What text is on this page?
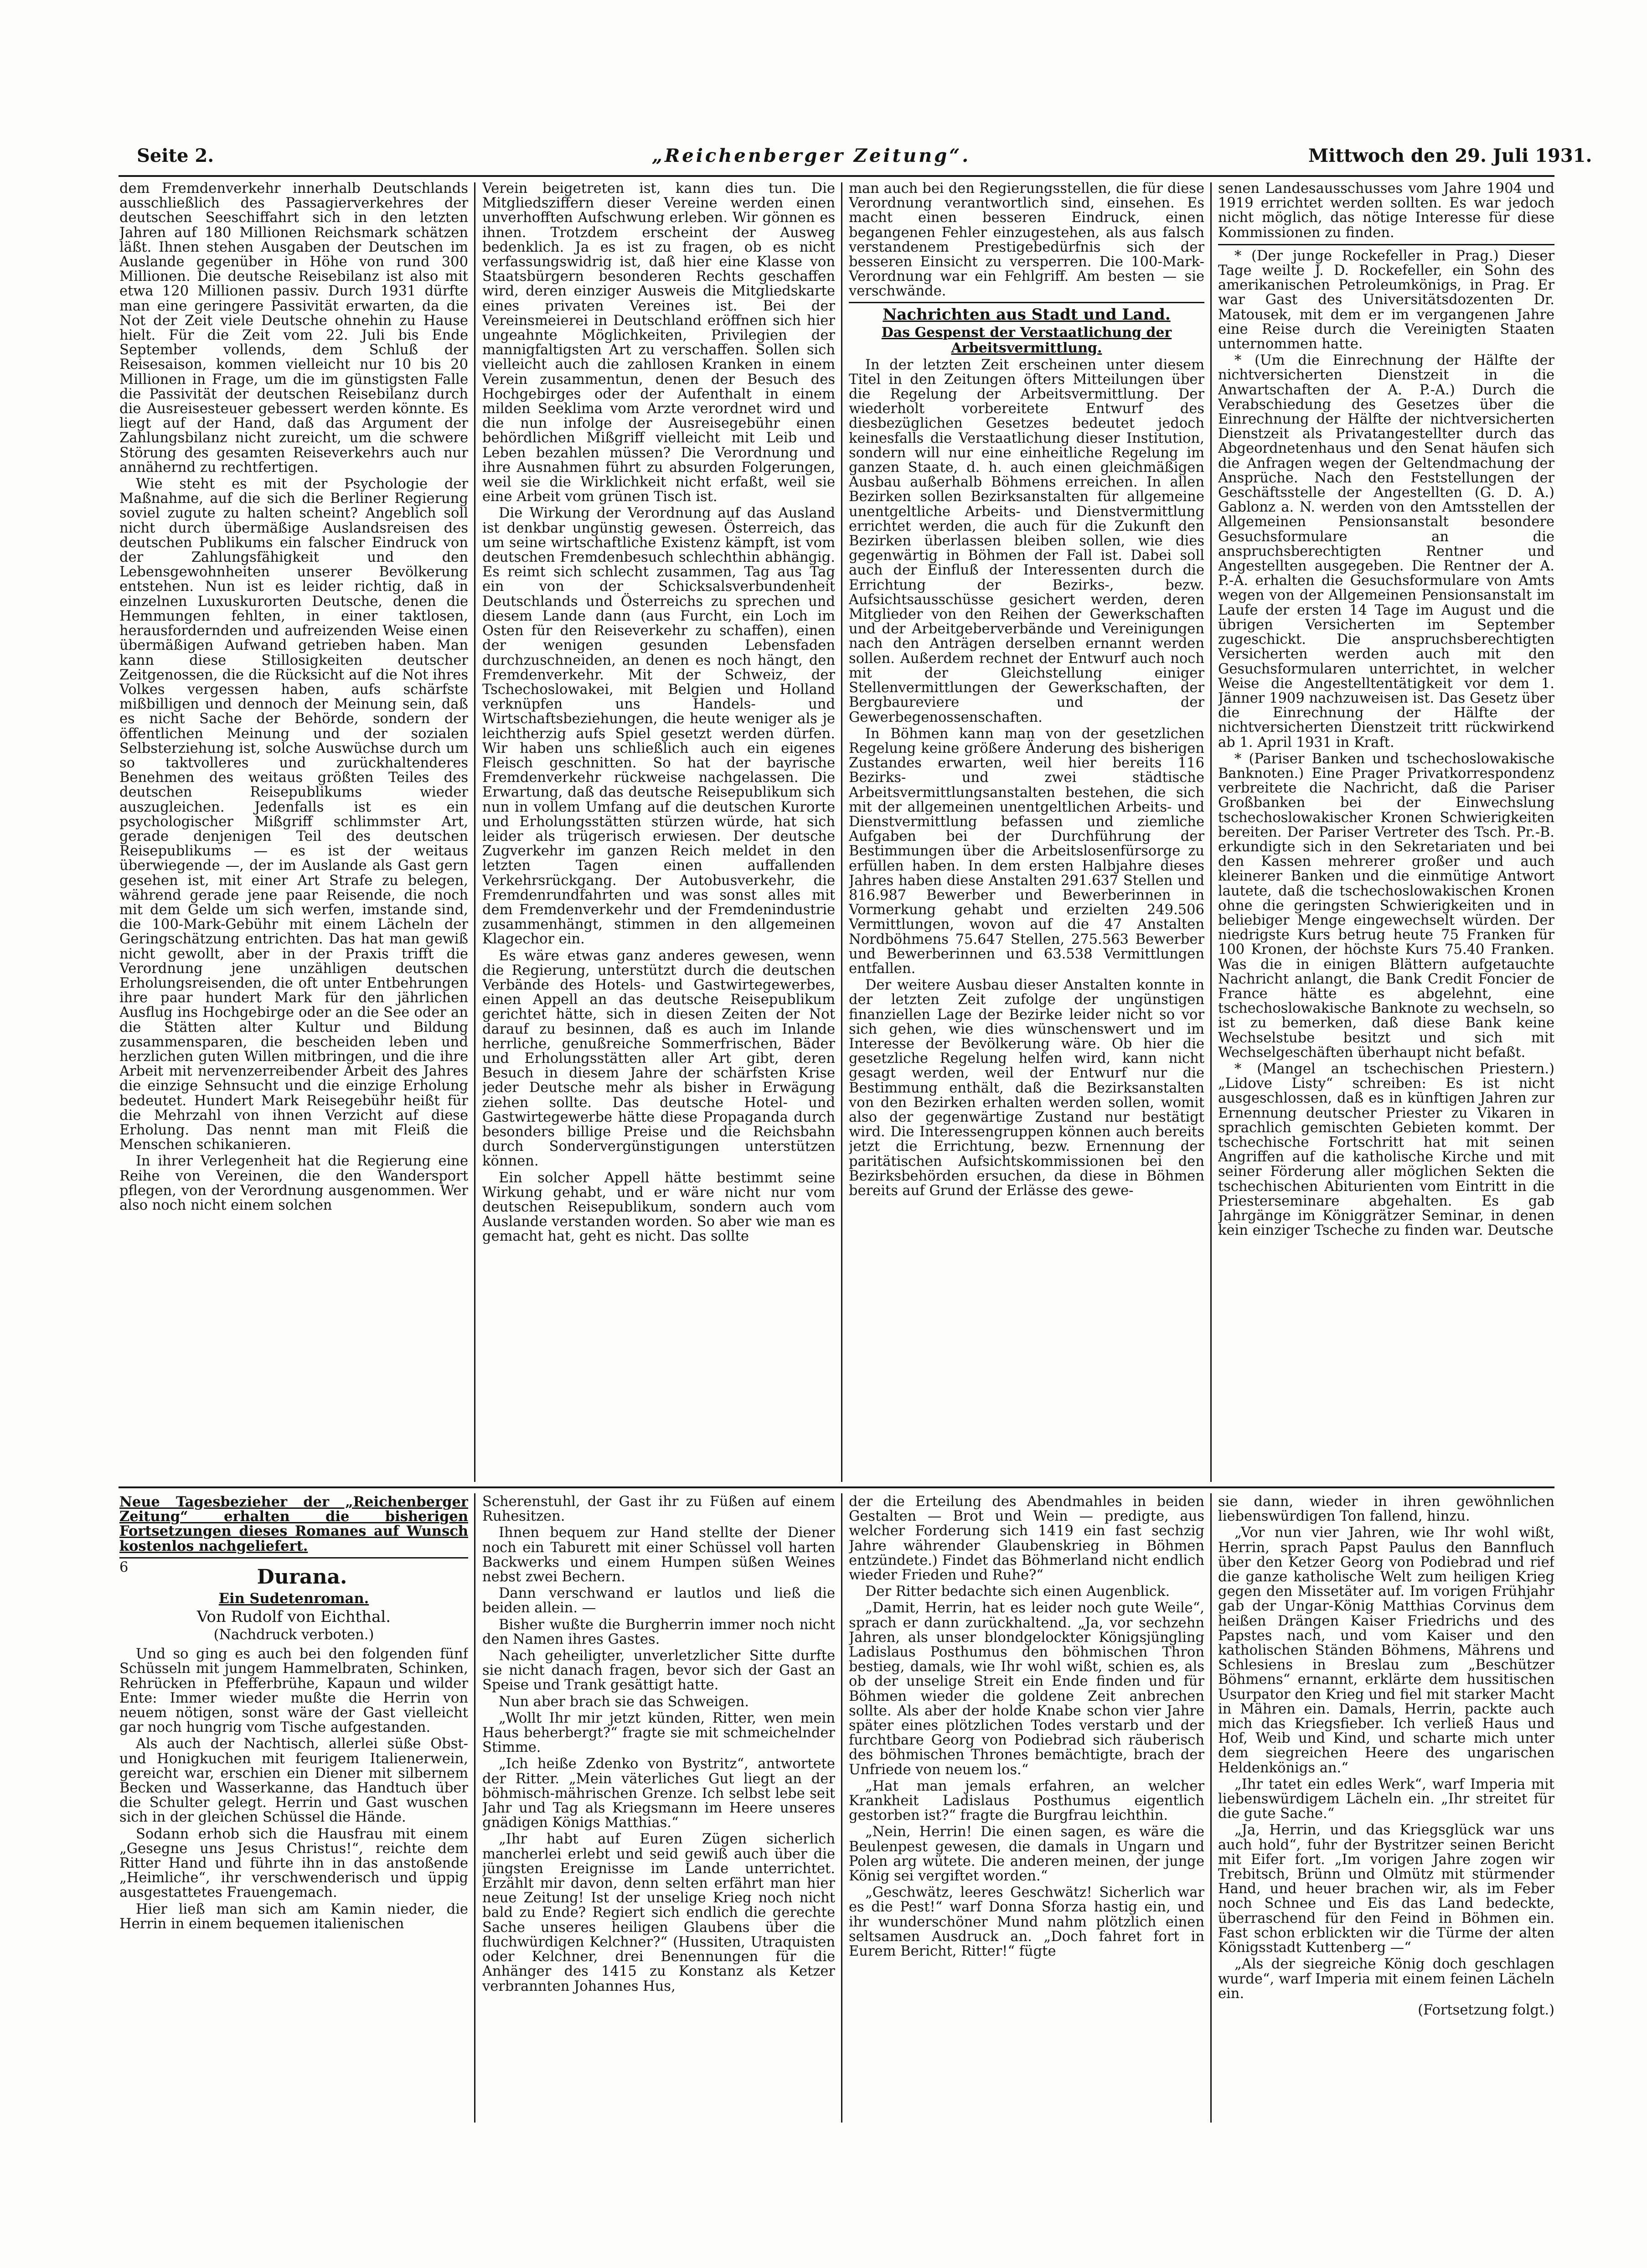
Seite 2.	„Reichenberger Zeitung“.	Mittwoch den 29. Juli 1931.

dem Fremdenverkehr innerhalb Deutschlands ausschließlich des Passagierverkehres der deutschen Seeschiffahrt sich in den letzten Jahren auf 180 Millionen Reichsmark schätzen läßt. Ihnen stehen Ausgaben der Deutschen im Auslande gegenüber in Höhe von rund 300 Millionen. Die deutsche Reisebilanz ist also mit etwa 120 Millionen passiv. Durch 1931 dürfte man eine geringere Passivität erwarten, da die Not der Zeit viele Deutsche ohnehin zu Hause hielt. Für die Zeit vom 22. Juli bis Ende September vollends, dem Schluß der Reisesaison, kommen vielleicht nur 10 bis 20 Millionen in Frage, um die im günstigsten Falle die Passivität der deutschen Reisebilanz durch die Ausreisesteuer gebessert werden könnte. Es liegt auf der Hand, daß das Argument der Zahlungsbilanz nicht zureicht, um die schwere Störung des gesamten Reiseverkehrs auch nur annähernd zu rechtfertigen.

Wie steht es mit der Psychologie der Maßnahme, auf die sich die Berliner Regierung soviel zugute zu halten scheint? Angeblich soll nicht durch übermäßige Auslandsreisen des deutschen Publikums ein falscher Eindruck von der Zahlungsfähigkeit und den Lebensgewohnheiten unserer Bevölkerung entstehen. Nun ist es leider richtig, daß in einzelnen Luxuskurorten Deutsche, denen die Hemmungen fehlten, in einer taktlosen, herausfordernden und aufreizenden Weise einen übermäßigen Aufwand getrieben haben. Man kann diese Stillosigkeiten deutscher Zeitgenossen, die die Rücksicht auf die Not ihres Volkes vergessen haben, aufs schärfste mißbilligen und dennoch der Meinung sein, daß es nicht Sache der Behörde, sondern der öffentlichen Meinung und der sozialen Selbsterziehung ist, solche Auswüchse durch um so taktvolleres und zurückhaltenderes Benehmen des weitaus größten Teiles des deutschen Reisepublikums wieder auszugleichen. Jedenfalls ist es ein psychologischer Mißgriff schlimmster Art, gerade denjenigen Teil des deutschen Reisepublikums — es ist der weitaus überwiegende —, der im Auslande als Gast gern gesehen ist, mit einer Art Strafe zu belegen, während gerade jene paar Reisende, die noch mit dem Gelde um sich werfen, imstande sind, die 100-Mark-Gebühr mit einem Lächeln der Geringschätzung entrichten. Das hat man gewiß nicht gewollt, aber in der Praxis trifft die Verordnung jene unzähligen deutschen Erholungsreisenden, die oft unter Entbehrungen ihre paar hundert Mark für den jährlichen Ausflug ins Hochgebirge oder an die See oder an die Stätten alter Kultur und Bildung zusammensparen, die bescheiden leben und herzlichen guten Willen mitbringen, und die ihre Arbeit mit nervenzerreibender Arbeit des Jahres die einzige Sehnsucht und die einzige Erholung bedeutet. Hundert Mark Reisegebühr heißt für die Mehrzahl von ihnen Verzicht auf diese Erholung. Das nennt man mit Fleiß die Menschen schikanieren.

In ihrer Verlegenheit hat die Regierung eine Reihe von Vereinen, die den Wandersport pflegen, von der Verordnung ausgenommen. Wer also noch nicht einem solchen

Verein beigetreten ist, kann dies tun. Die Mitgliedsziffern dieser Vereine werden einen unverhofften Aufschwung erleben. Wir gönnen es ihnen. Trotzdem erscheint der Ausweg bedenklich. Ja es ist zu fragen, ob es nicht verfassungswidrig ist, daß hier eine Klasse von Staatsbürgern besonderen Rechts geschaffen wird, deren einziger Ausweis die Mitgliedskarte eines privaten Vereines ist. Bei der Vereinsmeierei in Deutschland eröffnen sich hier ungeahnte Möglichkeiten, Privilegien der mannigfaltigsten Art zu verschaffen. Sollen sich vielleicht auch die zahllosen Kranken in einem Verein zusammentun, denen der Besuch des Hochgebirges oder der Aufenthalt in einem milden Seeklima vom Arzte verordnet wird und die nun infolge der Ausreisegebühr einen behördlichen Mißgriff vielleicht mit Leib und Leben bezahlen müssen? Die Verordnung und ihre Ausnahmen führt zu absurden Folgerungen, weil sie die Wirklichkeit nicht erfaßt, weil sie eine Arbeit vom grünen Tisch ist.

Die Wirkung der Verordnung auf das Ausland ist denkbar ungünstig gewesen. Österreich, das um seine wirtschaftliche Existenz kämpft, ist vom deutschen Fremdenbesuch schlechthin abhängig. Es reimt sich schlecht zusammen, Tag aus Tag ein von der Schicksalsverbundenheit Deutschlands und Österreichs zu sprechen und diesem Lande dann (aus Furcht, ein Loch im Osten für den Reiseverkehr zu schaffen), einen der wenigen gesunden Lebensfaden durchzuschneiden, an denen es noch hängt, den Fremdenverkehr. Mit der Schweiz, der Tschechoslowakei, mit Belgien und Holland verknüpfen uns Handels- und Wirtschaftsbeziehungen, die heute weniger als je leichtherzig aufs Spiel gesetzt werden dürfen. Wir haben uns schließlich auch ein eigenes Fleisch geschnitten. So hat der bayrische Fremdenverkehr rückweise nachgelassen. Die Erwartung, daß das deutsche Reisepublikum sich nun in vollem Umfang auf die deutschen Kurorte und Erholungsstätten stürzen würde, hat sich leider als trügerisch erwiesen. Der deutsche Zugverkehr im ganzen Reich meldet in den letzten Tagen einen auffallenden Verkehrsrückgang. Der Autobusverkehr, die Fremdenrundfahrten und was sonst alles mit dem Fremdenverkehr und der Fremdenindustrie zusammenhängt, stimmen in den allgemeinen Klagechor ein.

Es wäre etwas ganz anderes gewesen, wenn die Regierung, unterstützt durch die deutschen Verbände des Hotels- und Gastwirtegewerbes, einen Appell an das deutsche Reisepublikum gerichtet hätte, sich in diesen Zeiten der Not darauf zu besinnen, daß es auch im Inlande herrliche, genußreiche Sommerfrischen, Bäder und Erholungsstätten aller Art gibt, deren Besuch in diesem Jahre der schärfsten Krise jeder Deutsche mehr als bisher in Erwägung ziehen sollte. Das deutsche Hotel- und Gastwirtegewerbe hätte diese Propaganda durch besonders billige Preise und die Reichsbahn durch Sondervergünstigungen unterstützen können.

Ein solcher Appell hätte bestimmt seine Wirkung gehabt, und er wäre nicht nur vom deutschen Reisepublikum, sondern auch vom Auslande verstanden worden. So aber wie man es gemacht hat, geht es nicht. Das sollte

man auch bei den Regierungsstellen, die für diese Verordnung verantwortlich sind, einsehen. Es macht einen besseren Eindruck, einen begangenen Fehler einzugestehen, als aus falsch verstandenem Prestigebedürfnis sich der besseren Einsicht zu versperren. Die 100-Mark-Verordnung war ein Fehlgriff. Am besten — sie verschwände.

Nachrichten aus Stadt und Land.

Das Gespenst der Verstaatlichung der Arbeitsvermittlung.

In der letzten Zeit erscheinen unter diesem Titel in den Zeitungen öfters Mitteilungen über die Regelung der Arbeitsvermittlung. Der wiederholt vorbereitete Entwurf des diesbezüglichen Gesetzes bedeutet jedoch keinesfalls die Verstaatlichung dieser Institution, sondern will nur eine einheitliche Regelung im ganzen Staate, d. h. auch einen gleichmäßigen Ausbau außerhalb Böhmens erreichen. In allen Bezirken sollen Bezirksanstalten für allgemeine unentgeltliche Arbeits- und Dienstvermittlung errichtet werden, die auch für die Zukunft den Bezirken überlassen bleiben sollen, wie dies gegenwärtig in Böhmen der Fall ist. Dabei soll auch der Einfluß der Interessenten durch die Errichtung der Bezirks-, bezw. Aufsichtsausschüsse gesichert werden, deren Mitglieder von den Reihen der Gewerkschaften und der Arbeitgeberverbände und Vereinigungen nach den Anträgen derselben ernannt werden sollen. Außerdem rechnet der Entwurf auch noch mit der Gleichstellung einiger Stellenvermittlungen der Gewerkschaften, der Bergbaureviere und der Gewerbegenossenschaften.

In Böhmen kann man von der gesetzlichen Regelung keine größere Änderung des bisherigen Zustandes erwarten, weil hier bereits 116 Bezirks- und zwei städtische Arbeitsvermittlungsanstalten bestehen, die sich mit der allgemeinen unentgeltlichen Arbeits- und Dienstvermittlung befassen und ziemliche Aufgaben bei der Durchführung der Bestimmungen über die Arbeitslosenfürsorge zu erfüllen haben. In dem ersten Halbjahre dieses Jahres haben diese Anstalten 291.637 Stellen und 816.987 Bewerber und Bewerberinnen in Vormerkung gehabt und erzielten 249.506 Vermittlungen, wovon auf die 47 Anstalten Nordböhmens 75.647 Stellen, 275.563 Bewerber und Bewerberinnen und 63.538 Vermittlungen entfallen.

Der weitere Ausbau dieser Anstalten konnte in der letzten Zeit zufolge der ungünstigen finanziellen Lage der Bezirke leider nicht so vor sich gehen, wie dies wünschenswert und im Interesse der Bevölkerung wäre. Ob hier die gesetzliche Regelung helfen wird, kann nicht gesagt werden, weil der Entwurf nur die Bestimmung enthält, daß die Bezirksanstalten von den Bezirken erhalten werden sollen, womit also der gegenwärtige Zustand nur bestätigt wird. Die Interessengruppen können auch bereits jetzt die Errichtung, bezw. Ernennung der paritätischen Aufsichtskommissionen bei den Bezirksbehörden ersuchen, da diese in Böhmen bereits auf Grund der Erlässe des gewe-

senen Landesausschusses vom Jahre 1904 und 1919 errichtet werden sollten. Es war jedoch nicht möglich, das nötige Interesse für diese Kommissionen zu finden.

* (Der junge Rockefeller in Prag.) Dieser Tage weilte J. D. Rockefeller, ein Sohn des amerikanischen Petroleumkönigs, in Prag. Er war Gast des Universitätsdozenten Dr. Matousek, mit dem er im vergangenen Jahre eine Reise durch die Vereinigten Staaten unternommen hatte.

* (Um die Einrechnung der Hälfte der nichtversicherten Dienstzeit in die Anwartschaften der A. P.-A.) Durch die Verabschiedung des Gesetzes über die Einrechnung der Hälfte der nichtversicherten Dienstzeit als Privatangestellter durch das Abgeordnetenhaus und den Senat häufen sich die Anfragen wegen der Geltendmachung der Ansprüche. Nach den Feststellungen der Geschäftsstelle der Angestellten (G. D. A.) Gablonz a. N. werden von den Amtsstellen der Allgemeinen Pensionsanstalt besondere Gesuchsformulare an die anspruchsberechtigten Rentner und Angestellten ausgegeben. Die Rentner der A. P.-A. erhalten die Gesuchsformulare von Amts wegen von der Allgemeinen Pensionsanstalt im Laufe der ersten 14 Tage im August und die übrigen Versicherten im September zugeschickt. Die anspruchsberechtigten Versicherten werden auch mit den Gesuchsformularen unterrichtet, in welcher Weise die Angestelltentätigkeit vor dem 1. Jänner 1909 nachzuweisen ist. Das Gesetz über die Einrechnung der Hälfte der nichtversicherten Dienstzeit tritt rückwirkend ab 1. April 1931 in Kraft.

* (Pariser Banken und tschechoslowakische Banknoten.) Eine Prager Privatkorrespondenz verbreitete die Nachricht, daß die Pariser Großbanken bei der Einwechslung tschechoslowakischer Kronen Schwierigkeiten bereiten. Der Pariser Vertreter des Tsch. Pr.-B. erkundigte sich in den Sekretariaten und bei den Kassen mehrerer großer und auch kleinerer Banken und die einmütige Antwort lautete, daß die tschechoslowakischen Kronen ohne die geringsten Schwierigkeiten und in beliebiger Menge eingewechselt würden. Der niedrigste Kurs betrug heute 75 Franken für 100 Kronen, der höchste Kurs 75.40 Franken. Was die in einigen Blättern aufgetauchte Nachricht anlangt, die Bank Credit Foncier de France hätte es abgelehnt, eine tschechoslowakische Banknote zu wechseln, so ist zu bemerken, daß diese Bank keine Wechselstube besitzt und sich mit Wechselgeschäften überhaupt nicht befaßt.

* (Mangel an tschechischen Priestern.) „Lidove Listy“ schreiben: Es ist nicht ausgeschlossen, daß es in künftigen Jahren zur Ernennung deutscher Priester zu Vikaren in sprachlich gemischten Gebieten kommt. Der tschechische Fortschritt hat mit seinen Angriffen auf die katholische Kirche und mit seiner Förderung aller möglichen Sekten die tschechischen Abiturienten vom Eintritt in die Priesterseminare abgehalten. Es gab Jahrgänge im Königgrätzer Seminar, in denen kein einziger Tscheche zu finden war. Deutsche

Neue Tagesbezieher der „Reichenberger Zeitung“ erhalten die bisherigen Fortsetzungen dieses Romanes auf Wunsch kostenlos nachgeliefert.

6	Durana.

Ein Sudetenroman.

Von Rudolf von Eichthal.

(Nachdruck verboten.)

Und so ging es auch bei den folgenden fünf Schüsseln mit jungem Hammelbraten, Schinken, Rehrücken in Pfefferbrühe, Kapaun und wilder Ente: Immer wieder mußte die Herrin von neuem nötigen, sonst wäre der Gast vielleicht gar noch hungrig vom Tische aufgestanden.

Als auch der Nachtisch, allerlei süße Obst- und Honigkuchen mit feurigem Italienerwein, gereicht war, erschien ein Diener mit silbernem Becken und Wasserkanne, das Handtuch über die Schulter gelegt. Herrin und Gast wuschen sich in der gleichen Schüssel die Hände.

Sodann erhob sich die Hausfrau mit einem „Gesegne uns Jesus Christus!“, reichte dem Ritter Hand und führte ihn in das anstoßende „Heimliche“, ihr verschwenderisch und üppig ausgestattetes Frauengemach.

Hier ließ man sich am Kamin nieder, die Herrin in einem bequemen italienischen

Scherenstuhl, der Gast ihr zu Füßen auf einem Ruhesitzen.

Ihnen bequem zur Hand stellte der Diener noch ein Taburett mit einer Schüssel voll harten Backwerks und einem Humpen süßen Weines nebst zwei Bechern.

Dann verschwand er lautlos und ließ die beiden allein. —

Bisher wußte die Burgherrin immer noch nicht den Namen ihres Gastes.

Nach geheiligter, unverletzlicher Sitte durfte sie nicht danach fragen, bevor sich der Gast an Speise und Trank gesättigt hatte.

Nun aber brach sie das Schweigen.

„Wollt Ihr mir jetzt künden, Ritter, wen mein Haus beherbergt?“ fragte sie mit schmeichelnder Stimme.

„Ich heiße Zdenko von Bystritz“, antwortete der Ritter. „Mein väterliches Gut liegt an der böhmisch-mährischen Grenze. Ich selbst lebe seit Jahr und Tag als Kriegsmann im Heere unseres gnädigen Königs Matthias.“

„Ihr habt auf Euren Zügen sicherlich mancherlei erlebt und seid gewiß auch über die jüngsten Ereignisse im Lande unterrichtet. Erzählt mir davon, denn selten erfährt man hier neue Zeitung! Ist der unselige Krieg noch nicht bald zu Ende? Regiert sich endlich die gerechte Sache unseres heiligen Glaubens über die fluchwürdigen Kelchner?“ (Hussiten, Utraquisten oder Kelchner, drei Benennungen für die Anhänger des 1415 zu Konstanz als Ketzer verbrannten Johannes Hus,

der die Erteilung des Abendmahles in beiden Gestalten — Brot und Wein — predigte, aus welcher Forderung sich 1419 ein fast sechzig Jahre währender Glaubenskrieg in Böhmen entzündete.) Findet das Böhmerland nicht endlich wieder Frieden und Ruhe?“

Der Ritter bedachte sich einen Augenblick.

„Damit, Herrin, hat es leider noch gute Weile“, sprach er dann zurückhaltend. „Ja, vor sechzehn Jahren, als unser blondgelockter Königsjüngling Ladislaus Posthumus den böhmischen Thron bestieg, damals, wie Ihr wohl wißt, schien es, als ob der unselige Streit ein Ende finden und für Böhmen wieder die goldene Zeit anbrechen sollte. Als aber der holde Knabe schon vier Jahre später eines plötzlichen Todes verstarb und der furchtbare Georg von Podiebrad sich räuberisch des böhmischen Thrones bemächtigte, brach der Unfriede von neuem los.“

„Hat man jemals erfahren, an welcher Krankheit Ladislaus Posthumus eigentlich gestorben ist?“ fragte die Burgfrau leichthin.

„Nein, Herrin! Die einen sagen, es wäre die Beulenpest gewesen, die damals in Ungarn und Polen arg wütete. Die anderen meinen, der junge König sei vergiftet worden.“

„Geschwätz, leeres Geschwätz! Sicherlich war es die Pest!“ warf Donna Sforza hastig ein, und ihr wunderschöner Mund nahm plötzlich einen seltsamen Ausdruck an. „Doch fahret fort in Eurem Bericht, Ritter!“ fügte

sie dann, wieder in ihren gewöhnlichen liebenswürdigen Ton fallend, hinzu.

„Vor nun vier Jahren, wie Ihr wohl wißt, Herrin, sprach Papst Paulus den Bannfluch über den Ketzer Georg von Podiebrad und rief die ganze katholische Welt zum heiligen Krieg gegen den Missetäter auf. Im vorigen Frühjahr gab der Ungar-König Matthias Corvinus dem heißen Drängen Kaiser Friedrichs und des Papstes nach, und vom Kaiser und den katholischen Ständen Böhmens, Mährens und Schlesiens in Breslau zum „Beschützer Böhmens“ ernannt, erklärte dem hussitischen Usurpator den Krieg und fiel mit starker Macht in Mähren ein. Damals, Herrin, packte auch mich das Kriegsfieber. Ich verließ Haus und Hof, Weib und Kind, und scharte mich unter dem siegreichen Heere des ungarischen Heldenkönigs an.“

„Ihr tatet ein edles Werk“, warf Imperia mit liebenswürdigem Lächeln ein. „Ihr streitet für die gute Sache.“

„Ja, Herrin, und das Kriegsglück war uns auch hold“, fuhr der Bystritzer seinen Bericht mit Eifer fort. „Im vorigen Jahre zogen wir Trebitsch, Brünn und Olmütz mit stürmender Hand, und heuer brachen wir, als im Feber noch Schnee und Eis das Land bedeckte, überraschend für den Feind in Böhmen ein. Fast schon erblickten wir die Türme der alten Königsstadt Kuttenberg —“

„Als der siegreiche König doch geschlagen wurde“, warf Imperia mit einem feinen Lächeln ein.

(Fortsetzung folgt.)
